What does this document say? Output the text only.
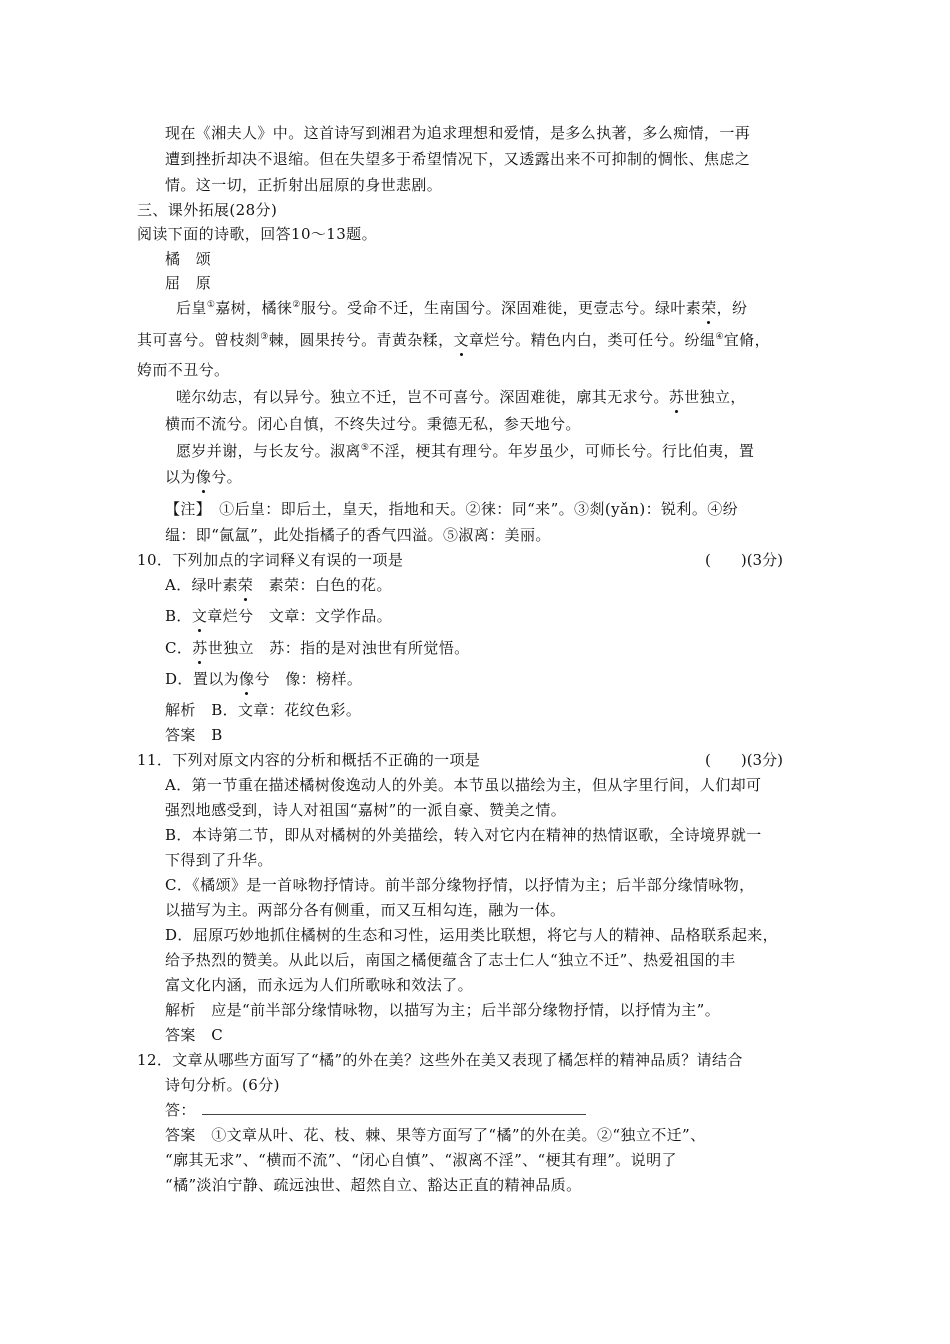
现在《湘夫人》中。这首诗写到湘君为追求理想和爱情，是多么执著，多么痴情，一再
遭到挫折却决不退缩。但在失望多于希望情况下，又透露出来不可抑制的惆怅、焦虑之
情。这一切，正折射出屈原的身世悲剧。
三、课外拓展(28分)
阅读下面的诗歌，回答10～13题。
橘　颂
屈　原
后皇①嘉树，橘徕②服兮。受命不迁，生南国兮。深固难徙，更壹志兮。绿叶素荣，纷
其可喜兮。曾枝剡③棘，圆果抟兮。青黄杂糅，文章烂兮。精色内白，类可任兮。纷缊④宜脩，
姱而不丑兮。
嗟尔幼志，有以异兮。独立不迁，岂不可喜兮。深固难徙，廓其无求兮。苏世独立，
横而不流兮。闭心自慎，不终失过兮。秉德无私，参天地兮。
愿岁并谢，与长友兮。淑离⑤不淫，梗其有理兮。年岁虽少，可师长兮。行比伯夷，置
以为像兮。
【注】　①后皇：即后土，皇天，指地和天。②徕：同“来”。③剡(yǎn)：锐利。④纷
缊：即“氤氲”，此处指橘子的香气四溢。⑤淑离：美丽。
10．下列加点的字词释义有误的一项是	(　　)(3分)
A．绿叶素荣　素荣：白色的花。
B．文章烂兮　文章：文学作品。
C．苏世独立　苏：指的是对浊世有所觉悟。
D．置以为像兮　像：榜样。
解析　B．文章：花纹色彩。
答案　B
11．下列对原文内容的分析和概括不正确的一项是	(　　)(3分)
A．第一节重在描述橘树俊逸动人的外美。本节虽以描绘为主，但从字里行间，人们却可
强烈地感受到，诗人对祖国“嘉树”的一派自豪、赞美之情。
B．本诗第二节，即从对橘树的外美描绘，转入对它内在精神的热情讴歌，全诗境界就一
下得到了升华。
C．《橘颂》是一首咏物抒情诗。前半部分缘物抒情，以抒情为主；后半部分缘情咏物，
以描写为主。两部分各有侧重，而又互相勾连，融为一体。
D．屈原巧妙地抓住橘树的生态和习性，运用类比联想，将它与人的精神、品格联系起来，
给予热烈的赞美。从此以后，南国之橘便蕴含了志士仁人“独立不迁”、热爱祖国的丰
富文化内涵，而永远为人们所歌咏和效法了。
解析　应是“前半部分缘情咏物，以描写为主；后半部分缘物抒情，以抒情为主”。
答案　C
12．文章从哪些方面写了“橘”的外在美？这些外在美又表现了橘怎样的精神品质？请结合
诗句分析。(6分)
答：
答案　①文章从叶、花、枝、棘、果等方面写了“橘”的外在美。②“独立不迁”、
“廓其无求”、“横而不流”、“闭心自慎”、“淑离不淫”、“梗其有理”。说明了
“橘”淡泊宁静、疏远浊世、超然自立、豁达正直的精神品质。
